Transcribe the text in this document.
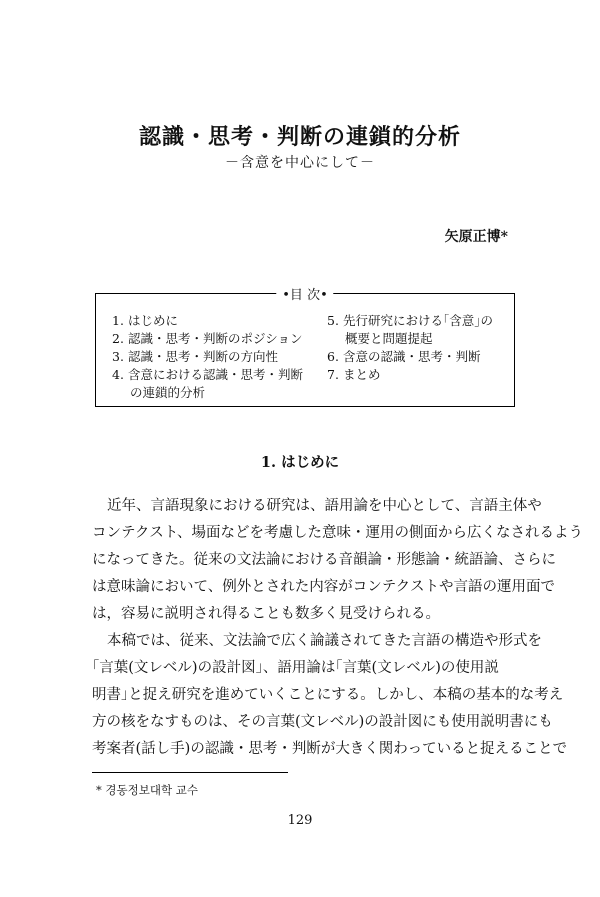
認識・思考・判断の連鎖的分析
－含意を中心にして－
矢原正博*
•目 次•
1. はじめに
2. 認識・思考・判断のポジション
3. 認識・思考・判断の方向性
4. 含意における認識・思考・判断
の連鎖的分析
5. 先行研究における｢含意｣の
概要と問題提起
6. 含意の認識・思考・判断
7. まとめ
1. はじめに

近年、言語現象における研究は、語用論を中心として、言語主体や
コンテクスト、場面などを考慮した意味・運用の側面から広くなされるよう
になってきた。従来の文法論における音韻論・形態論・統語論、さらに
は意味論において、例外とされた内容がコンテクストや言語の運用面で
は，容易に説明され得ることも数多く見受けられる。

本稿では、従来、文法論で広く論議されてきた言語の構造や形式を
｢言葉(文レベル)の設計図」、語用論は｢言葉(文レベル)の使用説
明書｣と捉え研究を進めていくことにする。しかし、本稿の基本的な考え
方の核をなすものは、その言葉(文レベル)の設計図にも使用説明書にも
考案者(話し手)の認識・思考・判断が大きく関わっていると捉えることで

* 경동정보대학 교수
129
